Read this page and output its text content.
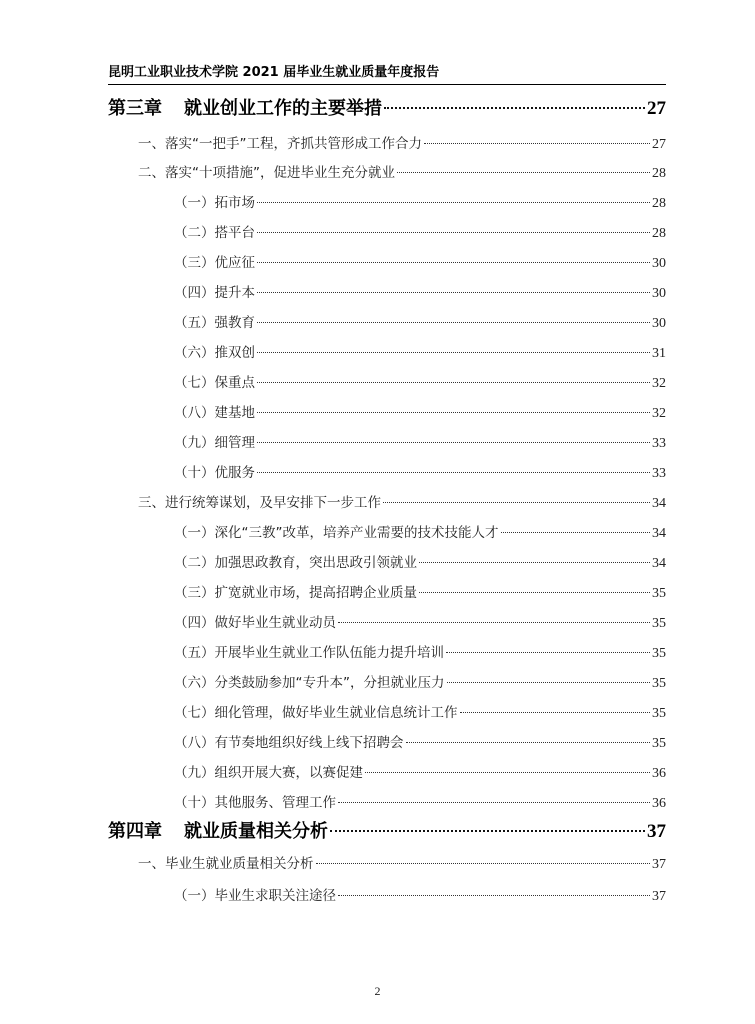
昆明工业职业技术学院 2021 届毕业生就业质量年度报告
第三章 就业创业工作的主要举措	27
一、落实“一把手”工程，齐抓共管形成工作合力	27
二、落实“十项措施”，促进毕业生充分就业	28
（一）拓市场	28
（二）搭平台	28
（三）优应征	30
（四）提升本	30
（五）强教育	30
（六）推双创	31
（七）保重点	32
（八）建基地	32
（九）细管理	33
（十）优服务	33
三、进行统筹谋划，及早安排下一步工作	34
（一）深化“三教”改革，培养产业需要的技术技能人才	34
（二）加强思政教育，突出思政引领就业	34
（三）扩宽就业市场，提高招聘企业质量	35
（四）做好毕业生就业动员	35
（五）开展毕业生就业工作队伍能力提升培训	35
（六）分类鼓励参加“专升本”，分担就业压力	35
（七）细化管理，做好毕业生就业信息统计工作	35
（八）有节奏地组织好线上线下招聘会	35
（九）组织开展大赛，以赛促建	36
（十）其他服务、管理工作	36
第四章 就业质量相关分析	37
一、毕业生就业质量相关分析	37
（一）毕业生求职关注途径	37
2
